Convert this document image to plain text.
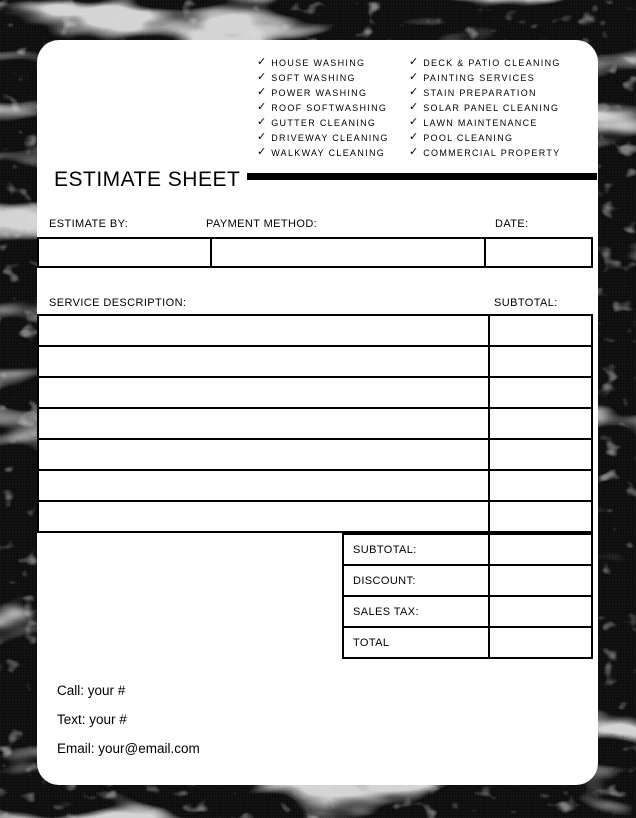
✓ HOUSE WASHING
✓ SOFT WASHING
✓ POWER WASHING
✓ ROOF SOFTWASHING
✓ GUTTER CLEANING
✓ DRIVEWAY CLEANING
✓ WALKWAY CLEANING
✓ DECK & PATIO CLEANING
✓ PAINTING SERVICES
✓ STAIN PREPARATION
✓ SOLAR PANEL CLEANING
✓ LAWN MAINTENANCE
✓ POOL CLEANING
✓ COMMERCIAL PROPERTY
ESTIMATE SHEET
ESTIMATE BY:	PAYMENT METHOD:	DATE:
SERVICE DESCRIPTION:	SUBTOTAL:
SUBTOTAL:
DISCOUNT:
SALES TAX:
TOTAL
Call: your #
Text: your #
Email: your@email.com
